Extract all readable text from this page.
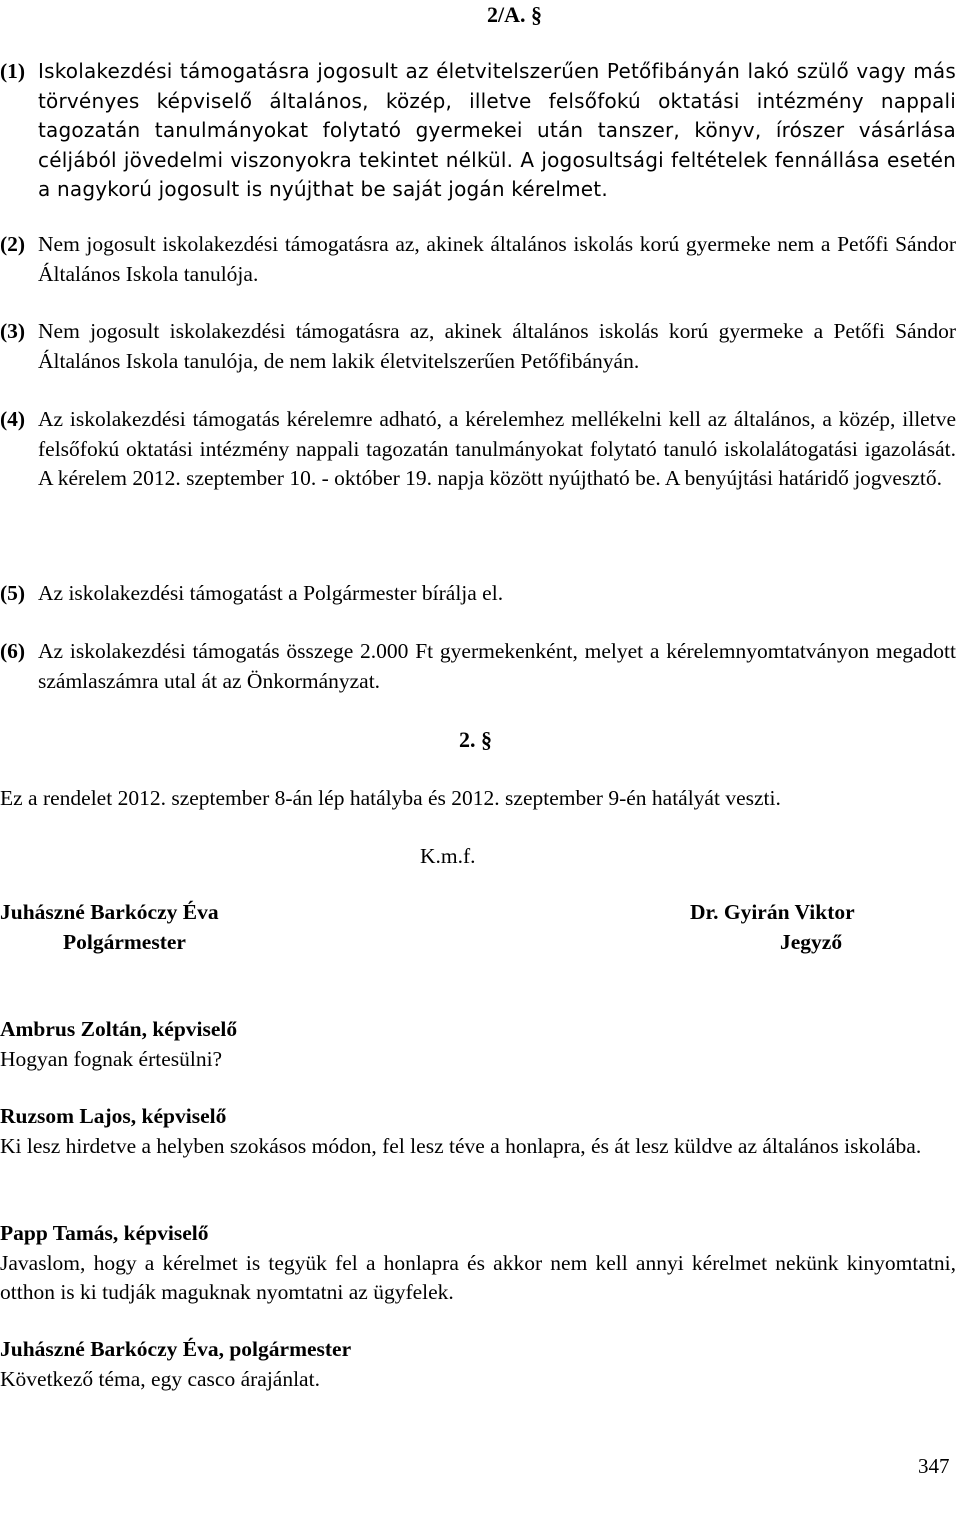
2/A. §
(1) Iskolakezdési támogatásra jogosult az életvitelszerűen Petőfibányán lakó szülő vagy más törvényes képviselő általános, közép, illetve felsőfokú oktatási intézmény nappali tagozatán tanulmányokat folytató gyermekei után tanszer, könyv, írószer vásárlása céljából jövedelmi viszonyokra tekintet nélkül. A jogosultsági feltételek fennállása esetén a nagykorú jogosult is nyújthat be saját jogán kérelmet.
(2) Nem jogosult iskolakezdési támogatásra az, akinek általános iskolás korú gyermeke nem a Petőfi Sándor Általános Iskola tanulója.
(3) Nem jogosult iskolakezdési támogatásra az, akinek általános iskolás korú gyermeke a Petőfi Sándor Általános Iskola tanulója, de nem lakik életvitelszerűen Petőfibányán.
(4) Az iskolakezdési támogatás kérelemre adható, a kérelemhez mellékelni kell az általános, a közép, illetve felsőfokú oktatási intézmény nappali tagozatán tanulmányokat folytató tanuló iskolalátogatási igazolását. A kérelem 2012. szeptember 10. - október 19. napja között nyújtható be. A benyújtási határidő jogvesztő.
(5) Az iskolakezdési támogatást a Polgármester bírálja el.
(6) Az iskolakezdési támogatás összege 2.000 Ft gyermekenként, melyet a kérelemnyomtatványon megadott számlaszámra utal át az Önkormányzat.
2. §
Ez a rendelet 2012. szeptember 8-án lép hatályba és 2012. szeptember 9-én hatályát veszti.
K.m.f.
Juhászné Barkóczy Éva
Polgármester
Dr. Gyirán Viktor
Jegyző
Ambrus Zoltán, képviselő
Hogyan fognak értesülni?
Ruzsom Lajos, képviselő
Ki lesz hirdetve a helyben szokásos módon, fel lesz téve a honlapra, és át lesz küldve az általános iskolába.
Papp Tamás, képviselő
Javaslom, hogy a kérelmet is tegyük fel a honlapra és akkor nem kell annyi kérelmet nekünk kinyomtatni, otthon is ki tudják maguknak nyomtatni az ügyfelek.
Juhászné Barkóczy Éva, polgármester
Következő téma, egy casco árajánlat.
347
